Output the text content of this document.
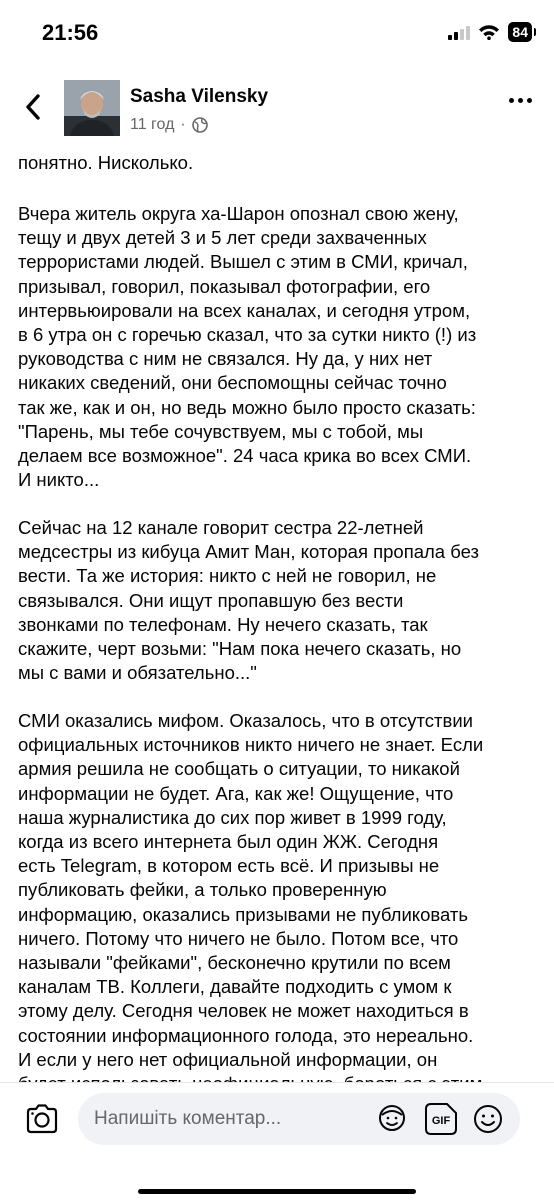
21:56	84
Sasha Vilensky
11 год ·

понятно. Нисколько.

Вчера житель округа ха-Шарон опознал свою жену,
тещу и двух детей 3 и 5 лет среди захваченных
террористами людей. Вышел с этим в СМИ, кричал,
призывал, говорил, показывал фотографии, его
интервьюировали на всех каналах, и сегодня утром,
в 6 утра он с горечью сказал, что за сутки никто (!) из
руководства с ним не связался. Ну да, у них нет
никаких сведений, они беспомощны сейчас точно
так же, как и он, но ведь можно было просто сказать:
"Парень, мы тебе сочувствуем, мы с тобой, мы
делаем все возможное". 24 часа крика во всех СМИ.
И никто...

Сейчас на 12 канале говорит сестра 22-летней
медсестры из кибуца Амит Ман, которая пропала без
вести. Та же история: никто с ней не говорил, не
связывался. Они ищут пропавшую без вести
звонками по телефонам. Ну нечего сказать, так
скажите, черт возьми: "Нам пока нечего сказать, но
мы с вами и обязательно..."

СМИ оказались мифом. Оказалось, что в отсутствии
официальных источников никто ничего не знает. Если
армия решила не сообщать о ситуации, то никакой
информации не будет. Ага, как же! Ощущение, что
наша журналистика до сих пор живет в 1999 году,
когда из всего интернета был один ЖЖ. Сегодня
есть Telegram, в котором есть всё. И призывы не
публиковать фейки, а только проверенную
информацию, оказались призывами не публиковать
ничего. Потому что ничего не было. Потом все, что
называли "фейками", бесконечно крутили по всем
каналам ТВ. Коллеги, давайте подходить с умом к
этому делу. Сегодня человек не может находиться в
состоянии информационного голода, это нереально.
И если у него нет официальной информации, он

Напишіть коментар...	GIF
